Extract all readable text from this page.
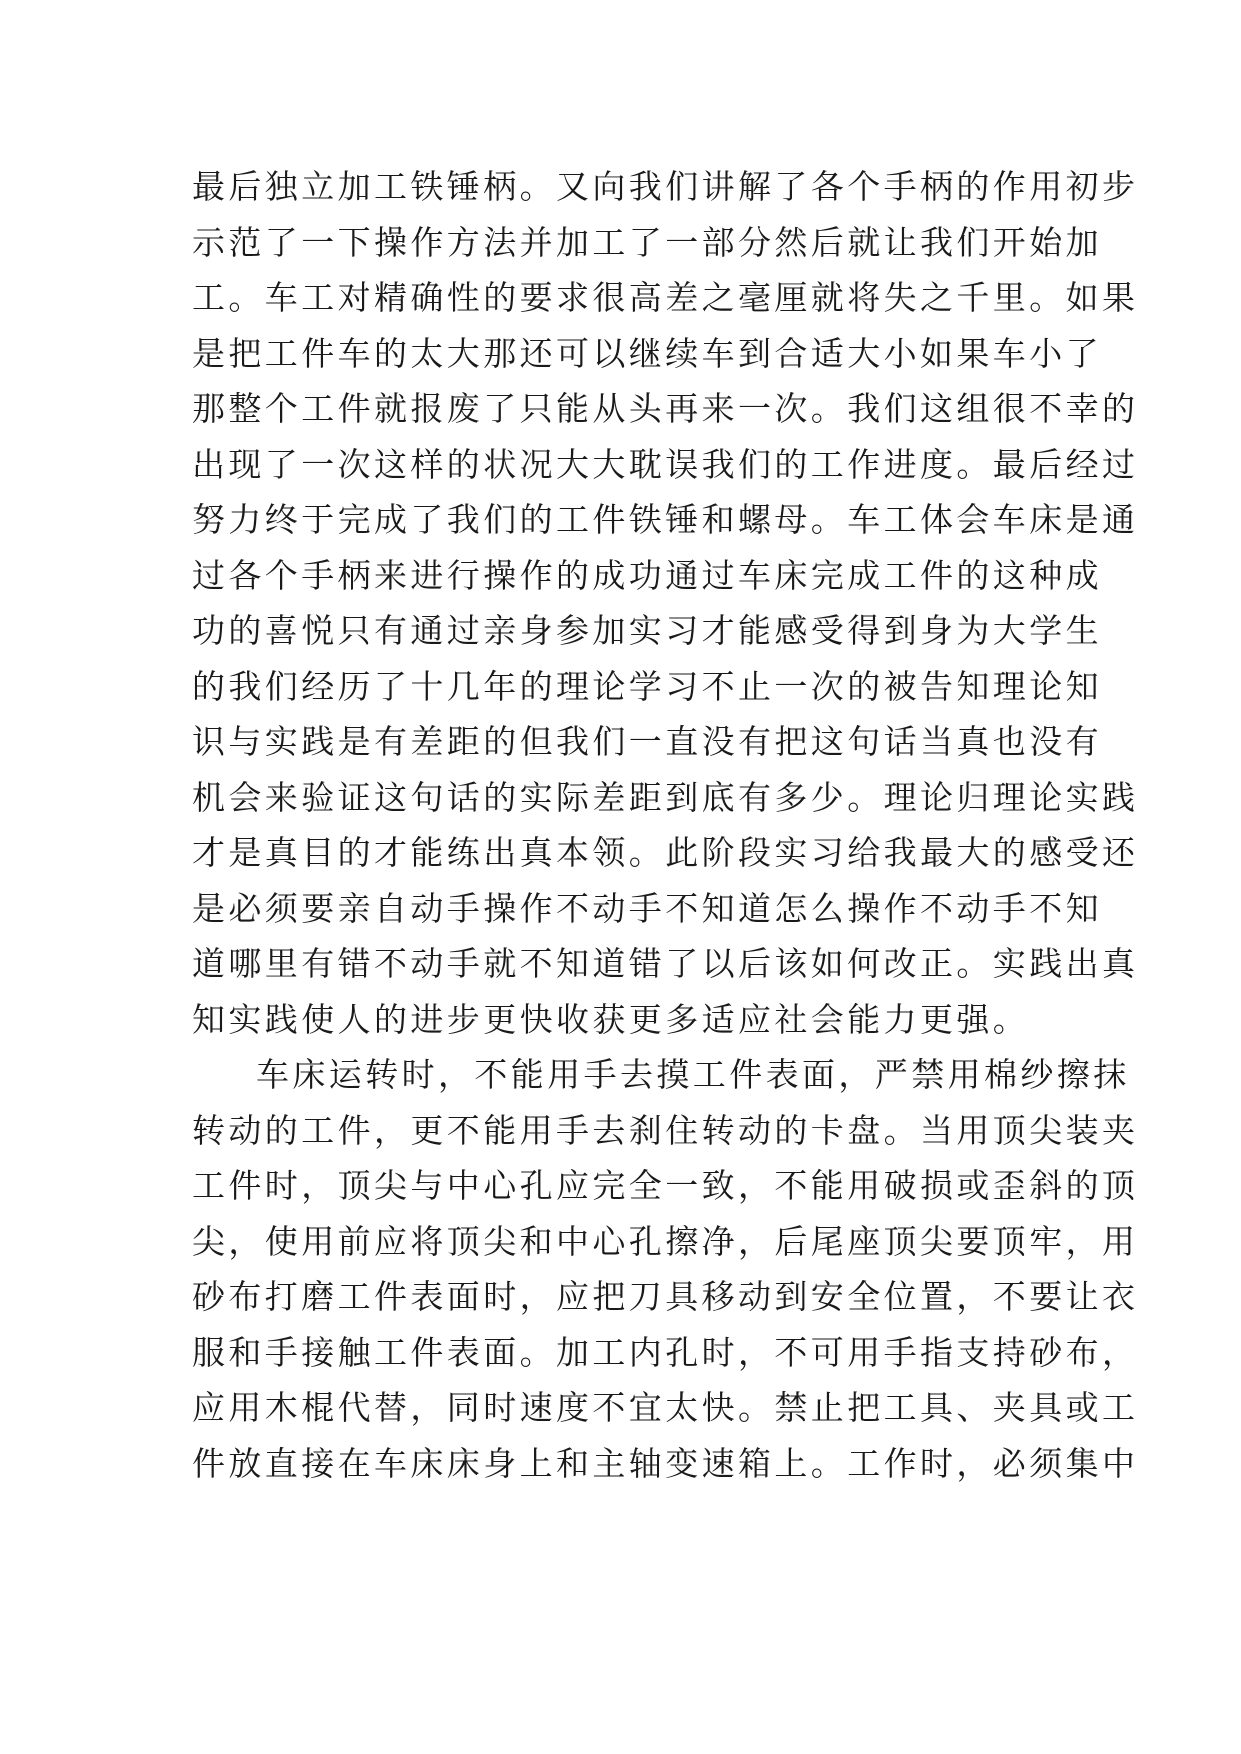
最后独立加工铁锤柄。又向我们讲解了各个手柄的作用初步
示范了一下操作方法并加工了一部分然后就让我们开始加
工。车工对精确性的要求很高差之毫厘就将失之千里。如果
是把工件车的太大那还可以继续车到合适大小如果车小了
那整个工件就报废了只能从头再来一次。我们这组很不幸的
出现了一次这样的状况大大耽误我们的工作进度。最后经过
努力终于完成了我们的工件铁锤和螺母。车工体会车床是通
过各个手柄来进行操作的成功通过车床完成工件的这种成
功的喜悦只有通过亲身参加实习才能感受得到身为大学生
的我们经历了十几年的理论学习不止一次的被告知理论知
识与实践是有差距的但我们一直没有把这句话当真也没有
机会来验证这句话的实际差距到底有多少。理论归理论实践
才是真目的才能练出真本领。此阶段实习给我最大的感受还
是必须要亲自动手操作不动手不知道怎么操作不动手不知
道哪里有错不动手就不知道错了以后该如何改正。实践出真
知实践使人的进步更快收获更多适应社会能力更强。
车床运转时，不能用手去摸工件表面，严禁用棉纱擦抹
转动的工件，更不能用手去刹住转动的卡盘。当用顶尖装夹
工件时，顶尖与中心孔应完全一致，不能用破损或歪斜的顶
尖，使用前应将顶尖和中心孔擦净，后尾座顶尖要顶牢，用
砂布打磨工件表面时，应把刀具移动到安全位置，不要让衣
服和手接触工件表面。加工内孔时，不可用手指支持砂布，
应用木棍代替，同时速度不宜太快。禁止把工具、夹具或工
件放直接在车床床身上和主轴变速箱上。工作时，必须集中
